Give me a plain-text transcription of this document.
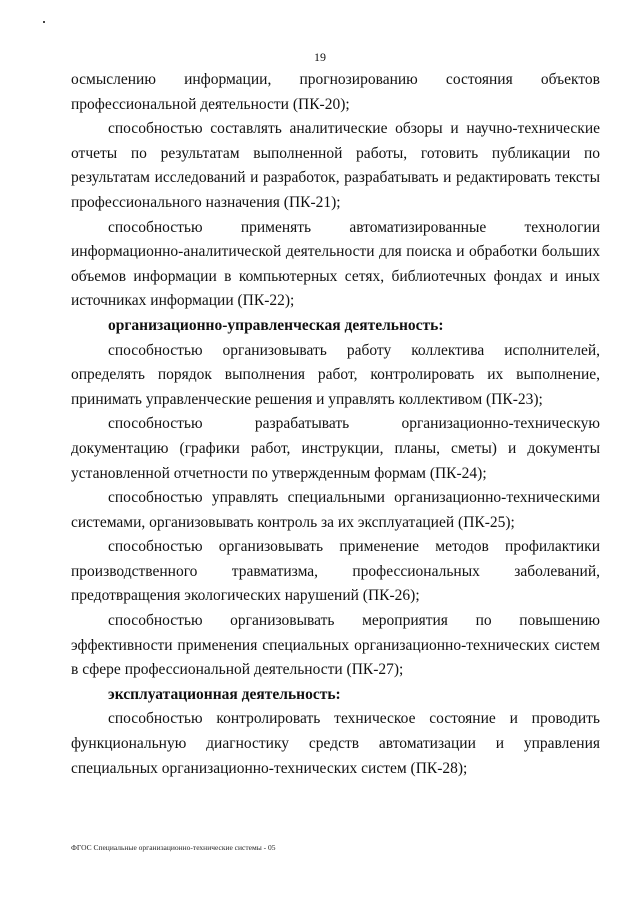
19

осмыслению информации, прогнозированию состояния объектов профессиональной деятельности (ПК-20);

способностью составлять аналитические обзоры и научно-технические отчеты по результатам выполненной работы, готовить публикации по результатам исследований и разработок, разрабатывать и редактировать тексты профессионального назначения (ПК-21);

способностью применять автоматизированные технологии информационно-аналитической деятельности для поиска и обработки больших объемов информации в компьютерных сетях, библиотечных фондах и иных источниках информации (ПК-22);

организационно-управленческая деятельность:

способностью организовывать работу коллектива исполнителей, определять порядок выполнения работ, контролировать их выполнение, принимать управленческие решения и управлять коллективом (ПК-23);

способностью разрабатывать организационно-техническую документацию (графики работ, инструкции, планы, сметы) и документы установленной отчетности по утвержденным формам (ПК-24);

способностью управлять специальными организационно-техническими системами, организовывать контроль за их эксплуатацией (ПК-25);

способностью организовывать применение методов профилактики производственного травматизма, профессиональных заболеваний, предотвращения экологических нарушений (ПК-26);

способностью организовывать мероприятия по повышению эффективности применения специальных организационно-технических систем в сфере профессиональной деятельности (ПК-27);

эксплуатационная деятельность:

способностью контролировать техническое состояние и проводить функциональную диагностику средств автоматизации и управления специальных организационно-технических систем (ПК-28);

ФГОС Специальные организационно-технические системы - 05
